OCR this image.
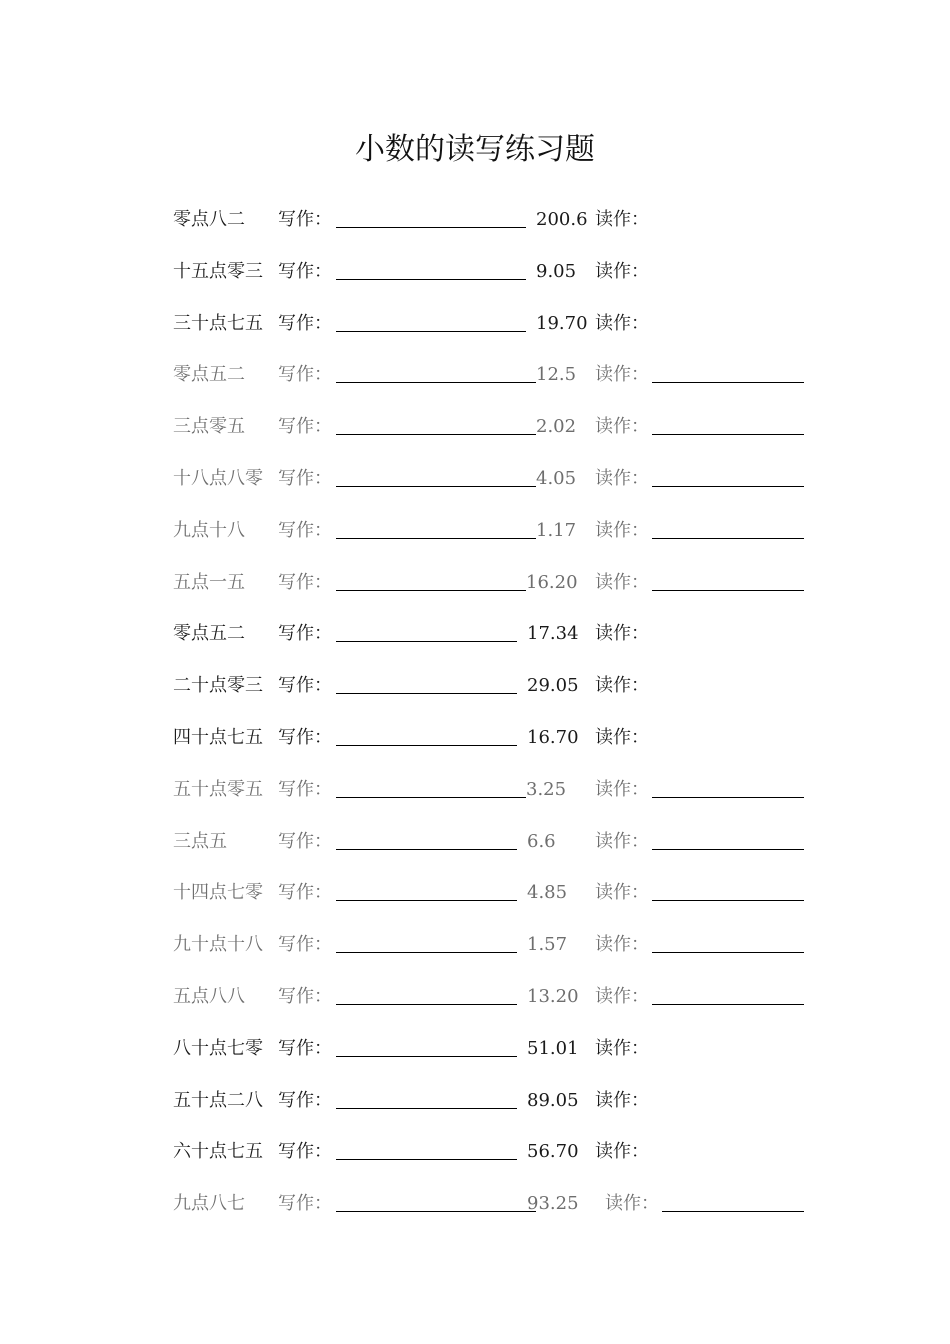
小数的读写练习题
零点八二 写作：	200.6 读作：
十五点零三 写作：	9.05 读作：
三十点七五 写作：	19.70 读作：
零点五二 写作：	12.5 读作：
三点零五 写作：	2.02 读作：
十八点八零 写作：	4.05 读作：
九点十八 写作：	1.17 读作：
五点一五 写作：	16.20 读作：
零点五二 写作：	17.34 读作：
二十点零三 写作：	29.05 读作：
四十点七五 写作：	16.70 读作：
五十点零五 写作：	3.25 读作：
三点五	写作：	6.6 读作：
十四点七零 写作：	4.85 读作：
九十点十八 写作：	1.57 读作：
五点八八 写作：	13.20 读作：
八十点七零 写作：	51.01 读作：
五十点二八 写作：	89.05 读作：
六十点七五 写作：	56.70 读作：
九点八七 写作：	93.25 读作：
